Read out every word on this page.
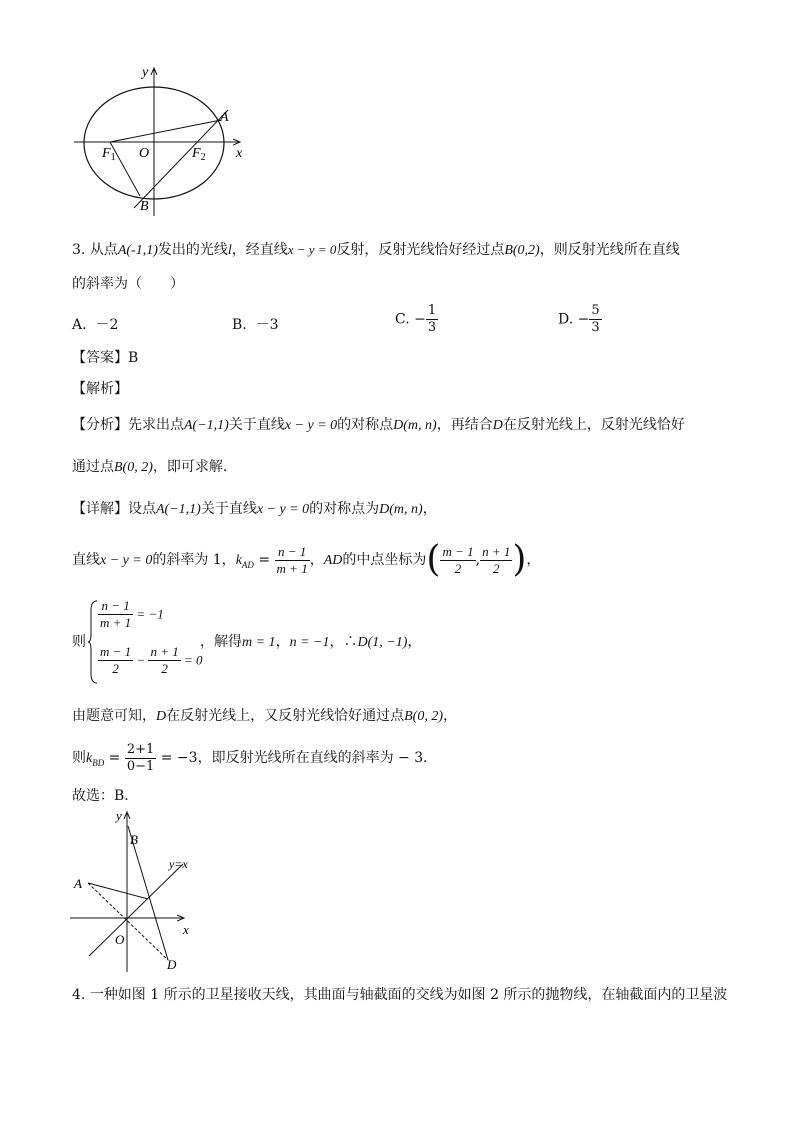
y
x
O
A
B
$F_1$	$F_2$
3. 从点A(-1,1)发出的光线l，经直线x − y = 0反射，反射光线恰好经过点B(0,2)，则反射光线所在直线
的斜率为（　　）
A. －2	B. －3	C. − $\frac{1}{3}$	D. − $\frac{5}{3}$
【答案】B
【解析】
【分析】先求出点A(−1,1)关于直线x − y = 0的对称点D(m, n)，再结合D在反射光线上，反射光线恰好
通过点B(0, 2)，即可求解．
【详解】设点A(−1,1)关于直线x − y = 0的对称点为D(m, n)，
直线x − y = 0的斜率为 1，$k_{AD} = \frac{n - 1}{m + 1}$ ，AD的中点坐标为( $\frac{m - 1}{2}$ , $\frac{n + 1}{2}$ )，
则
$\frac{n - 1}{m + 1} = -1$
$\frac{m - 1}{2} - \frac{n + 1}{2} = 0$
，解得m = 1，n = −1，∴D(1, −1)，
由题意可知，D在反射光线上，又反射光线恰好通过点B(0, 2)，
则$k_{BD} = \frac{2+1}{0-1} = -3$，即反射光线所在直线的斜率为 − 3．
故选：B.
y
x
O
A
B
D
y=x
4. 一种如图 1 所示的卫星接收天线，其曲面与轴截面的交线为如图 2 所示的抛物线，在轴截面内的卫星波
